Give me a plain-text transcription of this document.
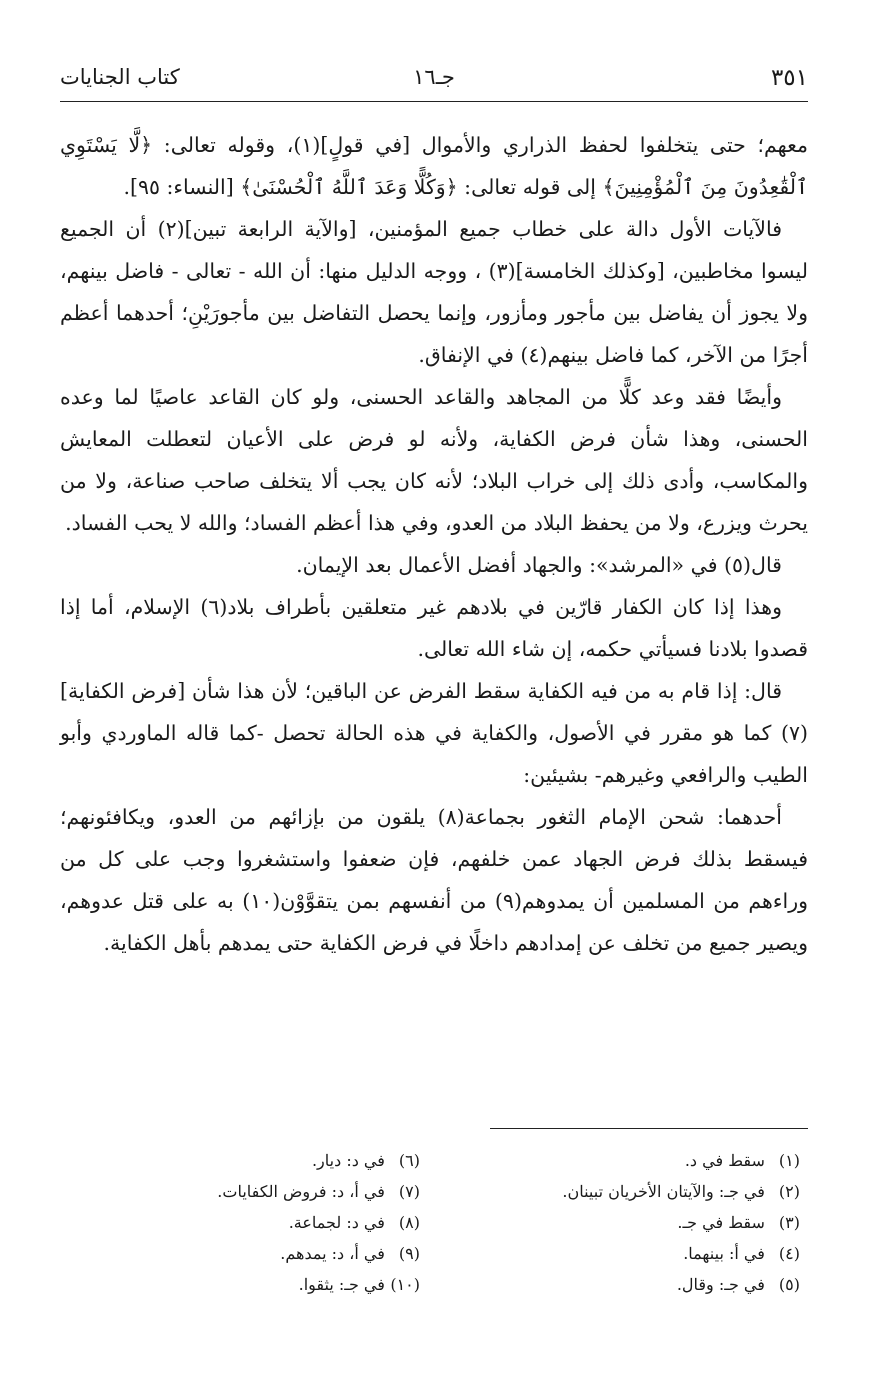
٣٥١
جـ١٦
كتاب الجنايات

معهم؛ حتى يتخلفوا لحفظ الذراري والأموال [في قولٍ](١)، وقوله تعالى: ﴿لَّا يَسْتَوِي ٱلْقَٰعِدُونَ مِنَ ٱلْمُؤْمِنِينَ﴾ إلى قوله تعالى: ﴿وَكُلًّا وَعَدَ ٱللَّهُ ٱلْحُسْنَىٰ﴾ [النساء: ٩٥].

فالآيات الأول دالة على خطاب جميع المؤمنين، [والآية الرابعة تبين](٢) أن الجميع ليسوا مخاطبين، [وكذلك الخامسة](٣) ، ووجه الدليل منها: أن الله - تعالى - فاضل بينهم، ولا يجوز أن يفاضل بين مأجور ومأزور، وإنما يحصل التفاضل بين مأجورَيْنِ؛ أحدهما أعظم أجرًا من الآخر، كما فاضل بينهم(٤) في الإنفاق.

وأيضًا فقد وعد كلًّا من المجاهد والقاعد الحسنى، ولو كان القاعد عاصيًا لما وعده الحسنى، وهذا شأن فرض الكفاية، ولأنه لو فرض على الأعيان لتعطلت المعايش والمكاسب، وأدى ذلك إلى خراب البلاد؛ لأنه كان يجب ألا يتخلف صاحب صناعة، ولا من يحرث ويزرع، ولا من يحفظ البلاد من العدو، وفي هذا أعظم الفساد؛ والله لا يحب الفساد.

قال(٥) في «المرشد»: والجهاد أفضل الأعمال بعد الإيمان.

وهذا إذا كان الكفار قارّين في بلادهم غير متعلقين بأطراف بلاد(٦) الإسلام، أما إذا قصدوا بلادنا فسيأتي حكمه، إن شاء الله تعالى.

قال: إذا قام به من فيه الكفاية سقط الفرض عن الباقين؛ لأن هذا شأن [فرض الكفاية](٧) كما هو مقرر في الأصول، والكفاية في هذه الحالة تحصل -كما قاله الماوردي وأبو الطيب والرافعي وغيرهم- بشيئين:

أحدهما: شحن الإمام الثغور بجماعة(٨) يلقون من بإزائهم من العدو، ويكافئونهم؛ فيسقط بذلك فرض الجهاد عمن خلفهم، فإن ضعفوا واستشغروا وجب على كل من وراءهم من المسلمين أن يمدوهم(٩) من أنفسهم بمن يتقوَّوْن(١٠) به على قتل عدوهم، ويصير جميع من تخلف عن إمدادهم داخلًا في فرض الكفاية حتى يمدهم بأهل الكفاية.

(١) سقط في د.
(٢) في جـ: والآيتان الأخريان تبينان.
(٣) سقط في جـ.
(٤) في أ: بينهما.
(٥) في جـ: وقال.
(٦) في د: ديار.
(٧) في أ، د: فروض الكفايات.
(٨) في د: لجماعة.
(٩) في أ، د: يمدهم.
(١٠) في جـ: يثقوا.
